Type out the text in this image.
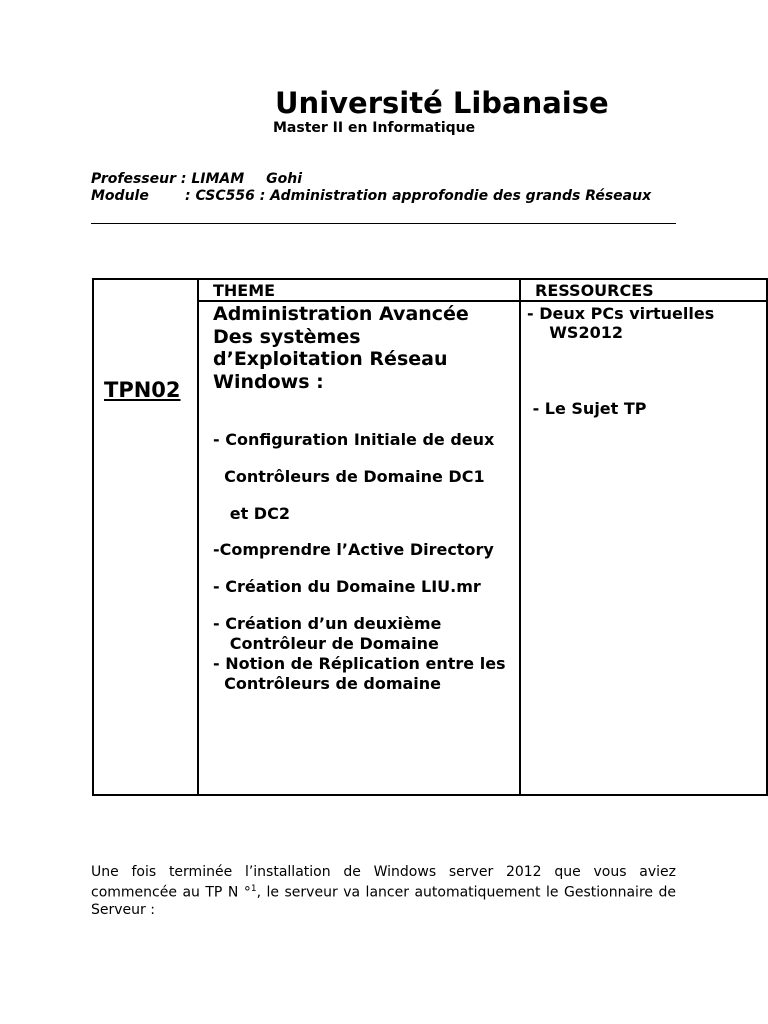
Université Libanaise
Master II en Informatique
Professeur : LIMAM Gohi
Module	: CSC556 : Administration approfondie des grands Réseaux
TPN02
THEME	RESSOURCES
Administration Avancée Des systèmes d’Exploitation Réseau Windows :
- Configuration Initiale de deux
Contrôleurs de Domaine DC1
et DC2
-Comprendre l’Active Directory
- Création du Domaine LIU.mr
- Création d’un deuxième
Contrôleur de Domaine
- Notion de Réplication entre les
Contrôleurs de domaine
- Deux PCs virtuelles
WS2012
- Le Sujet TP
Une fois terminée l’installation de Windows server 2012 que vous aviez commencée au TP N °$^1$, le serveur va lancer automatiquement le Gestionnaire de Serveur :
